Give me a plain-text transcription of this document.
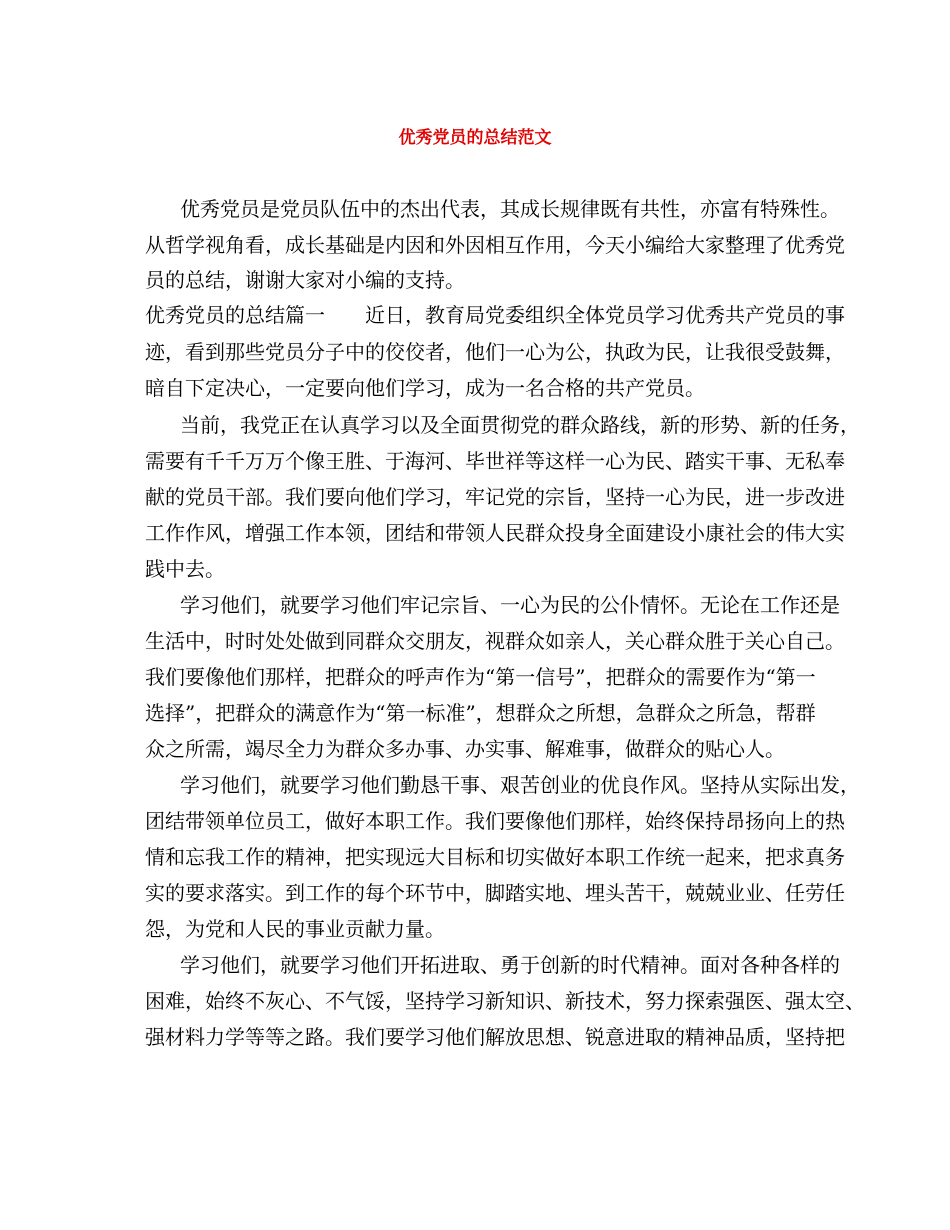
优秀党员的总结范文
优秀党员是党员队伍中的杰出代表，其成长规律既有共性，亦富有特殊性。
从哲学视角看，成长基础是内因和外因相互作用，今天小编给大家整理了优秀党
员的总结，谢谢大家对小编的支持。
优秀党员的总结篇一　　近日，教育局党委组织全体党员学习优秀共产党员的事
迹，看到那些党员分子中的佼佼者，他们一心为公，执政为民，让我很受鼓舞，
暗自下定决心，一定要向他们学习，成为一名合格的共产党员。
当前，我党正在认真学习以及全面贯彻党的群众路线，新的形势、新的任务，
需要有千千万万个像王胜、于海河、毕世祥等这样一心为民、踏实干事、无私奉
献的党员干部。我们要向他们学习，牢记党的宗旨，坚持一心为民，进一步改进
工作作风，增强工作本领，团结和带领人民群众投身全面建设小康社会的伟大实
践中去。
学习他们，就要学习他们牢记宗旨、一心为民的公仆情怀。无论在工作还是
生活中，时时处处做到同群众交朋友，视群众如亲人，关心群众胜于关心自己。
我们要像他们那样，把群众的呼声作为“第一信号”，把群众的需要作为“第一
选择”，把群众的满意作为“第一标准”，想群众之所想，急群众之所急，帮群
众之所需，竭尽全力为群众多办事、办实事、解难事，做群众的贴心人。
学习他们，就要学习他们勤恳干事、艰苦创业的优良作风。坚持从实际出发，
团结带领单位员工，做好本职工作。我们要像他们那样，始终保持昂扬向上的热
情和忘我工作的精神，把实现远大目标和切实做好本职工作统一起来，把求真务
实的要求落实。到工作的每个环节中，脚踏实地、埋头苦干，兢兢业业、任劳任
怨，为党和人民的事业贡献力量。
学习他们，就要学习他们开拓进取、勇于创新的时代精神。面对各种各样的
困难，始终不灰心、不气馁，坚持学习新知识、新技术，努力探索强医、强太空、
强材料力学等等之路。我们要学习他们解放思想、锐意进取的精神品质，坚持把
